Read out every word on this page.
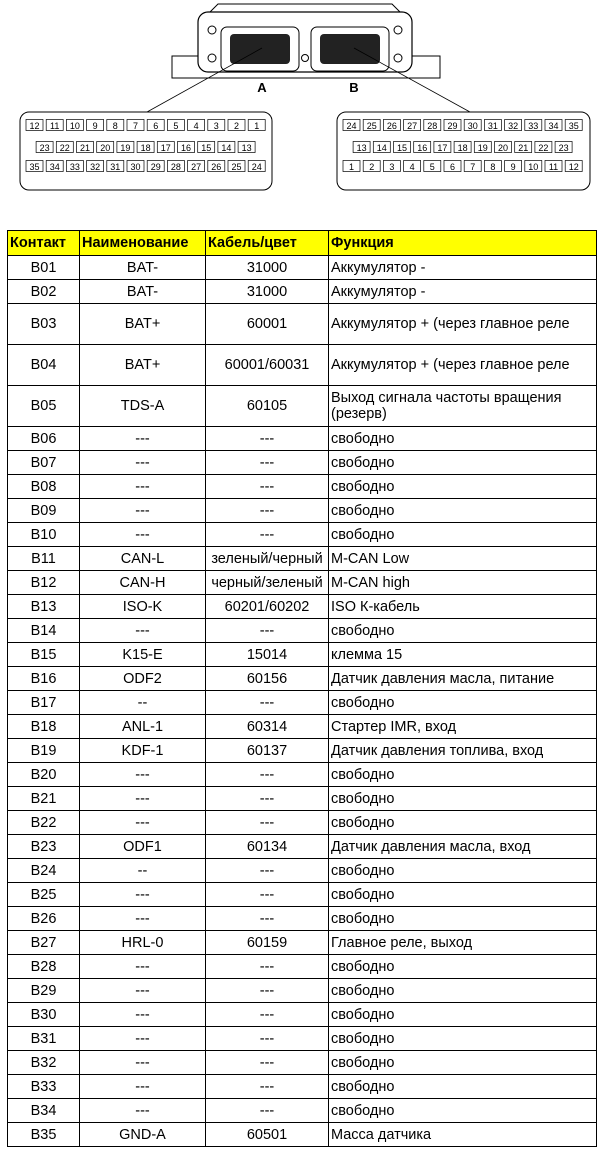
A	B
12 11 10 9 8 7 6 5 4 3 2 1
23 22 21 20 19 18 17 16 15 14 13
35 34 33 32 31 30 29 28 27 26 25 24
24 25 26 27 28 29 30 31 32 33 34 35
13 14 15 16 17 18 19 20 21 22 23
1 2 3 4 5 6 7 8 9 10 11 12
Контакт	Наименование	Кабель/цвет	Функция
B01	BAT-	31000	Аккумулятор -
B02	BAT-	31000	Аккумулятор -
B03	BAT+	60001	Аккумулятор + (через главное реле
B04	BAT+	60001/60031	Аккумулятор + (через главное реле
B05	TDS-A	60105	Выход сигнала частоты вращения (резерв)
B06	---	---	свободно
B07	---	---	свободно
B08	---	---	свободно
B09	---	---	свободно
B10	---	---	свободно
B11	CAN-L	зеленый/черный	M-CAN Low
B12	CAN-H	черный/зеленый	M-CAN high
B13	ISO-K	60201/60202	ISO К-кабель
B14	---	---	свободно
B15	K15-E	15014	клемма 15
B16	ODF2	60156	Датчик давления масла, питание
B17	--	---	свободно
B18	ANL-1	60314	Стартер IMR, вход
B19	KDF-1	60137	Датчик давления топлива, вход
B20	---	---	свободно
B21	---	---	свободно
B22	---	---	свободно
B23	ODF1	60134	Датчик давления масла, вход
B24	--	---	свободно
B25	---	---	свободно
B26	---	---	свободно
B27	HRL-0	60159	Главное реле, выход
B28	---	---	свободно
B29	---	---	свободно
B30	---	---	свободно
B31	---	---	свободно
B32	---	---	свободно
B33	---	---	свободно
B34	---	---	свободно
B35	GND-A	60501	Масса датчика
